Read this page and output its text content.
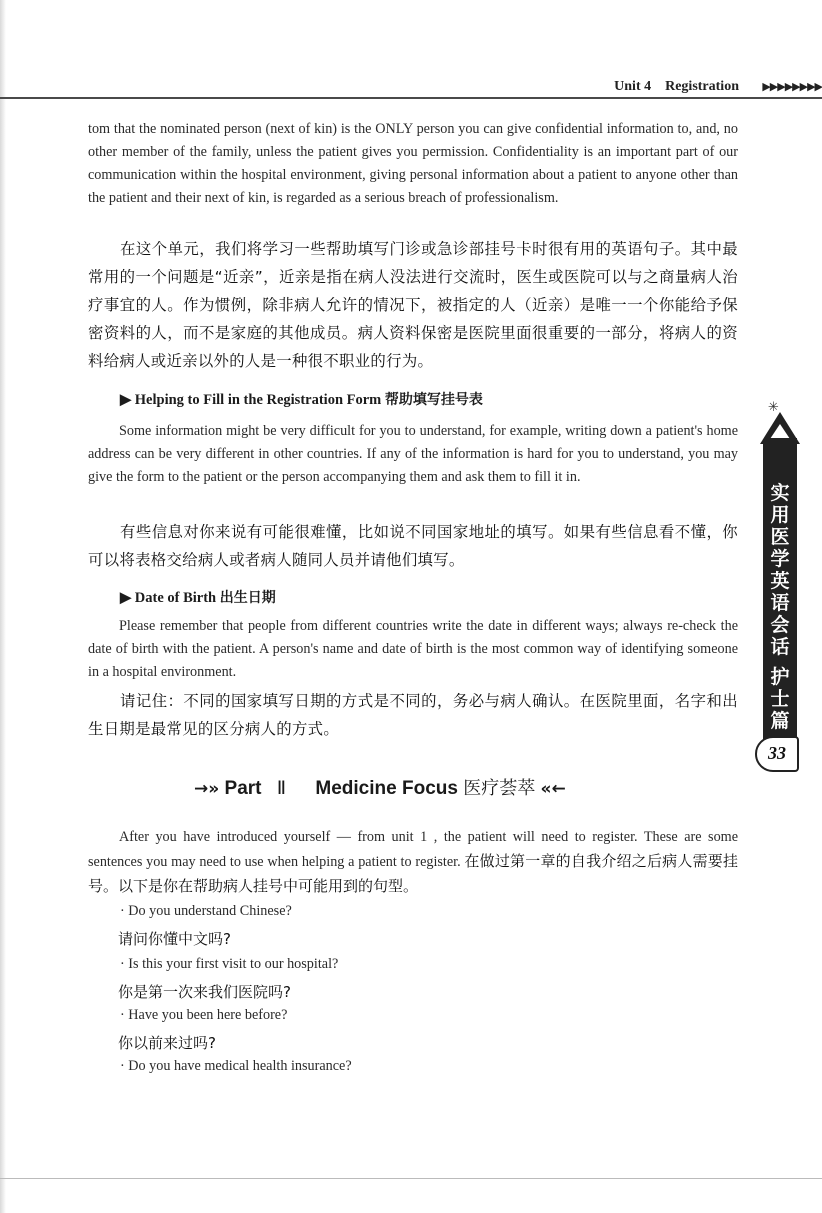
Unit 4 Registration ▶▶▶▶▶▶▶▶

tom that the nominated person (next of kin) is the ONLY person you can give confidential information to, and, no other member of the family, unless the patient gives you permission. Confidentiality is an important part of our communication within the hospital environment, giving personal information about a patient to anyone other than the patient and their next of kin, is regarded as a serious breach of professionalism.

在这个单元，我们将学习一些帮助填写门诊或急诊部挂号卡时很有用的英语句子。其中最常用的一个问题是“近亲”，近亲是指在病人没法进行交流时，医生或医院可以与之商量病人治疗事宜的人。作为惯例，除非病人允许的情况下，被指定的人（近亲）是唯一一个你能给予保密资料的人，而不是家庭的其他成员。病人资料保密是医院里面很重要的一部分，将病人的资料给病人或近亲以外的人是一种很不职业的行为。

▶ Helping to Fill in the Registration Form 帮助填写挂号表

Some information might be very difficult for you to understand, for example, writing down a patient's home address can be very different in other countries. If any of the information is hard for you to understand, you may give the form to the patient or the person accompanying them and ask them to fill it in.

有些信息对你来说有可能很难懂，比如说不同国家地址的填写。如果有些信息看不懂，你可以将表格交给病人或者病人随同人员并请他们填写。

▶ Date of Birth 出生日期

Please remember that people from different countries write the date in different ways; always re-check the date of birth with the patient. A person's name and date of birth is the most common way of identifying someone in a hospital environment.

请记住：不同的国家填写日期的方式是不同的，务必与病人确认。在医院里面，名字和出生日期是最常见的区分病人的方式。

→» Part Ⅱ Medicine Focus 医疗荟萃 «←

After you have introduced yourself — from unit 1 , the patient will need to register. These are some sentences you may need to use when helping a patient to register. 在做过第一章的自我介绍之后病人需要挂号。以下是你在帮助病人挂号中可能用到的句型。

· Do you understand Chinese?
请问你懂中文吗?
· Is this your first visit to our hospital?
你是第一次来我们医院吗?
· Have you been here before?
你以前来过吗?
· Do you have medical health insurance?
✳
实
用
医
学
英
语
会
话
护
士
篇
33
